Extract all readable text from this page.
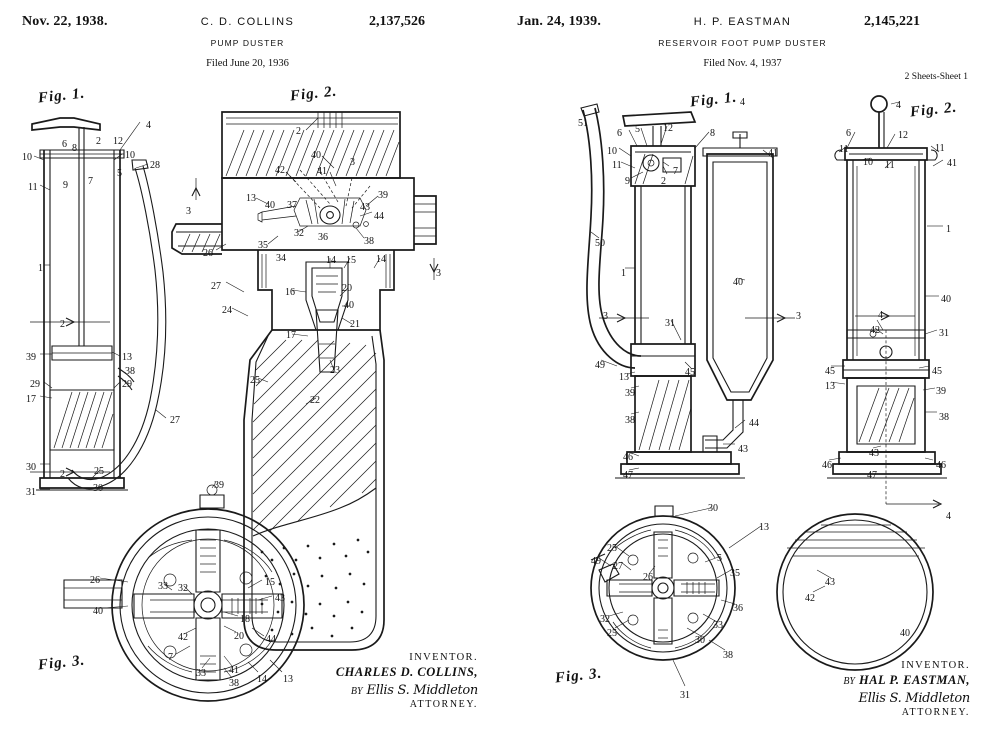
Nov. 22, 1938.	C. D. COLLINS	2,137,526
PUMP DUSTER
Filed June 20, 1936
Fig. 1.	Fig. 2.
Fig. 3.	INVENTOR.
CHARLES D. COLLINS,
BY Ellis S. Middleton
ATTORNEY.
4
6 8
2 12
10	10
28
9 7
5
11
1
2
39	13
38
29	29
17
27
30
2	25
30
31
2
40
3
42	41
3
13	39
40 37	43
44
36
32
35	38
26	34	14 15 14
3
27
16	20
24	40
21
17
23
25
22
39
26
33 32
15
43
40
42
7
18
20 44
33 41
38 14 13
Jan. 24, 1939.	H. P. EASTMAN	2,145,221
RESERVOIR FOOT PUMP DUSTER
Filed Nov. 4, 1937
2 Sheets-Sheet 1
Fig. 1.	Fig. 2.
Fig. 3.
4
51
6 5 12	8
10
11
7
2
9
41
50
1
40
3	3
31
49
13	45
39
38	44
43
46
47
4
6	12
11	11
10 11	41
1
40
4
42	31
45	45
13	39
38
43
46
47
46
4
30
13
25
5
35
49 27
26
36
32
25
33
30
38
31
43
42
40
INVENTOR.
BY HAL P. EASTMAN,
Ellis S. Middleton
ATTORNEY.
